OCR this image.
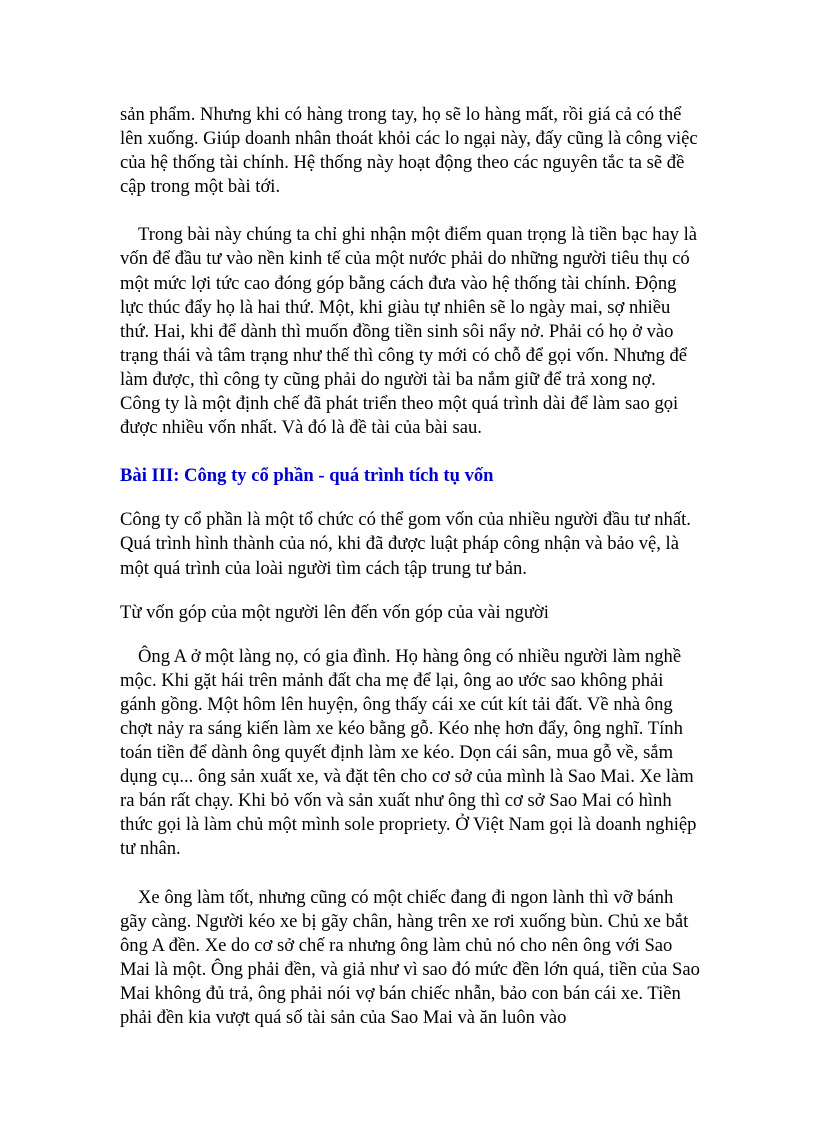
sản phẩm. Nhưng khi có hàng trong tay, họ sẽ lo hàng mất, rồi giá cả có thể lên xuống. Giúp doanh nhân thoát khỏi các lo ngại này, đấy cũng là công việc của hệ thống tài chính. Hệ thống này hoạt động theo các nguyên tắc ta sẽ đề cập trong một bài tới.

Trong bài này chúng ta chỉ ghi nhận một điểm quan trọng là tiền bạc hay là vốn để đầu tư vào nền kinh tế của một nước phải do những người tiêu thụ có một mức lợi tức cao đóng góp bằng cách đưa vào hệ thống tài chính. Động lực thúc đẩy họ là hai thứ. Một, khi giàu tự nhiên sẽ lo ngày mai, sợ nhiều thứ. Hai, khi để dành thì muốn đồng tiền sinh sôi nẩy nở. Phải có họ ở vào trạng thái và tâm trạng như thế thì công ty mới có chỗ để gọi vốn. Nhưng để làm được, thì công ty cũng phải do người tài ba nắm giữ để trả xong nợ. Công ty là một định chế đã phát triển theo một quá trình dài để làm sao gọi được nhiều vốn nhất. Và đó là đề tài của bài sau.

Bài III: Công ty cổ phần - quá trình tích tụ vốn

Công ty cổ phần là một tổ chức có thể gom vốn của nhiều người đầu tư nhất. Quá trình hình thành của nó, khi đã được luật pháp công nhận và bảo vệ, là một quá trình của loài người tìm cách tập trung tư bản.

Từ vốn góp của một người lên đến vốn góp của vài người

Ông A ở một làng nọ, có gia đình. Họ hàng ông có nhiều người làm nghề mộc. Khi gặt hái trên mảnh đất cha mẹ để lại, ông ao ước sao không phải gánh gồng. Một hôm lên huyện, ông thấy cái xe cút kít tải đất. Về nhà ông chợt nảy ra sáng kiến làm xe kéo bằng gỗ. Kéo nhẹ hơn đẩy, ông nghĩ. Tính toán tiền để dành ông quyết định làm xe kéo. Dọn cái sân, mua gỗ về, sắm dụng cụ... ông sản xuất xe, và đặt tên cho cơ sở của mình là Sao Mai. Xe làm ra bán rất chạy. Khi bỏ vốn và sản xuất như ông thì cơ sở Sao Mai có hình thức gọi là làm chủ một mình sole propriety. Ở Việt Nam gọi là doanh nghiệp tư nhân.

Xe ông làm tốt, nhưng cũng có một chiếc đang đi ngon lành thì vỡ bánh gãy càng. Người kéo xe bị gãy chân, hàng trên xe rơi xuống bùn. Chủ xe bắt ông A đền. Xe do cơ sở chế ra nhưng ông làm chủ nó cho nên ông với Sao Mai là một. Ông phải đền, và giả như vì sao đó mức đền lớn quá, tiền của Sao Mai không đủ trả, ông phải nói vợ bán chiếc nhẫn, bảo con bán cái xe. Tiền phải đền kia vượt quá số tài sản của Sao Mai và ăn luôn vào
